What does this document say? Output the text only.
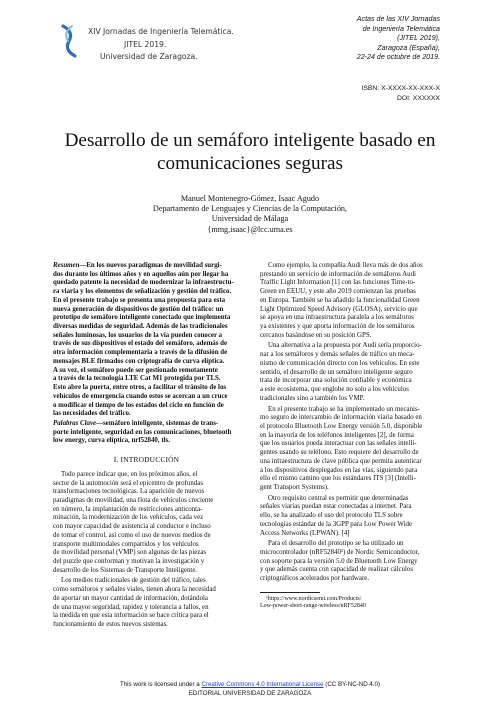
XIV Jornadas de Ingeniería Telemática.
JITEL 2019.
Universidad de Zaragoza.
Actas de las XIV Jornadas
de Ingeniería Telemática
(JITEL 2019),
Zaragoza (España),
22-24 de octubre de 2019.
ISBN: X-XXXX-XX-XXX-X
DOI: XXXXXX
Desarrollo de un semáforo inteligente basado en
comunicaciones seguras
Manuel Montenegro-Gómez, Isaac Agudo
Departamento de Lenguajes y Ciencias de la Computación,
Universidad de Málaga
{mmg,isaac}@lcc.uma.es
Resumen—En los nuevos paradigmas de movilidad surgi-
dos durante los últimos años y en aquellos aún por llegar ha
quedado patente la necesidad de modernizar la infraestructu-
ra viaria y los elementos de señalización y gestión del tráfico.
En el presente trabajo se presenta una propuesta para esta
nueva generación de dispositivos de gestión del tráfico: un
prototipo de semáforo inteligente conectado que implementa
diversas medidas de seguridad. Además de las tradicionales
señales luminosas, los usuarios de la vía pueden conocer a
través de sus dispositivos el estado del semáforo, además de
otra información complementaria a través de la difusión de
mensajes BLE firmados con criptografía de curva elíptica.
A su vez, el semáforo puede ser gestionado remotamente
a través de la tecnología LTE Cat M1 protegida por TLS.
Esto abre la puerta, entre otros, a facilitar el tránsito de los
vehículos de emergencia cuando estos se acercan a un cruce
o modificar el tiempo de los estados del ciclo en función de
las necesidades del tráfico.
Palabras Clave—semáforo inteligente, sistemas de trans-
porte inteligente, seguridad en las comunicaciones, bluetooth
low energy, curva elíptica, nrf52840, tls.
I. INTRODUCCIÓN
Todo parece indicar que, en los próximos años, el
sector de la automoción será el epicentro de profundas
transformaciones tecnológicas. La aparición de nuevos
paradigmas de movilidad, una flota de vehículos creciente
en número, la implantación de restricciones anticonta-
minación, la modernización de los vehículos, cada vez
con mayor capacidad de asistencia al conductor e incluso
de tomar el control, así como el uso de nuevos medios de
transporte multimodales compartidos y los vehículos
de movilidad personal (VMP) son algunas de las piezas
del puzzle que conforman y motivan la investigación y
desarrollo de los Sistemas de Transporte Inteligente.
Los medios tradicionales de gestión del tráfico, tales
como semáforos y señales viales, tienen ahora la necesidad
de aportar un mayor cantidad de información, dotándola
de una mayor seguridad, rapidez y tolerancia a fallos, en
la medida en que esta información se hace crítica para el
funcionamiento de estos nuevos sistemas.
Como ejemplo, la compañía Audi lleva más de dos años
prestando un servicio de información de semáforos Audi
Traffic Light Information [1] con las funciones Time-to-
Green en EEUU, y este año 2019 comienzan las pruebas
en Europa. También se ha añadido la funcionalidad Green
Light Optimized Speed Advisory (GLOSA), servicio que
se apoya en una infraestructura paralela a los semáforos
ya existentes y que aporta información de los semáforos
cercanos basándose en su posición GPS.
Una alternativa a la propuesta por Audi sería proporcio-
nar a los semáforos y demás señales de tráfico un meca-
nismo de comunicación directo con los vehículos. En este
sentido, el desarrollo de un semáforo inteligente seguro
trata de incorporar una solución confiable y económica
a este ecosistema, que englobe no solo a los vehículos
tradicionales sino a también los VMP.
En el presente trabajo se ha implementado un mecanis-
mo seguro de intercambio de información viaria basado en
el protocolo Bluetooth Low Energy versión 5.0, disponible
en la mayoría de los teléfonos inteligentes [2], de forma
que los usuarios pueda interactuar con las señales intelli-
gentes usando su teléfono. Esto requiere del desarrollo de
una infraestructura de clave pública que permita autenticar
a los dispositivos desplegados en las vías, siguiendo para
ello el mismo camino que los estándares ITS [3] (Intelli-
gent Transport Systems).
Otro requisito central es permitir que determinadas
señales viarias puedan estar conectadas a internet. Para
ello, se ha analizado el uso del protocolo TLS sobre
tecnologías estándar de la 3GPP para Low Power Wide
Access Networks (LPWAN). [4]
Para el desarrollo del prototipo se ha utilizado un
microcontrolador (nRF52840¹) de Nordic Semiconductor,
con soporte para la versión 5.0 de Bluetooth Low Energy
y que además cuenta con capacidad de realizar cálculos
criptográficos acelerados por hardware.
¹https://www.nordicsemi.com/Products/
Low-power-short-range-wireless/nRF52840
This work is licensed under a Creative Commons 4.0 International License (CC BY-NC-ND 4.0)
EDITORIAL UNIVERSIDAD DE ZARAGOZA
